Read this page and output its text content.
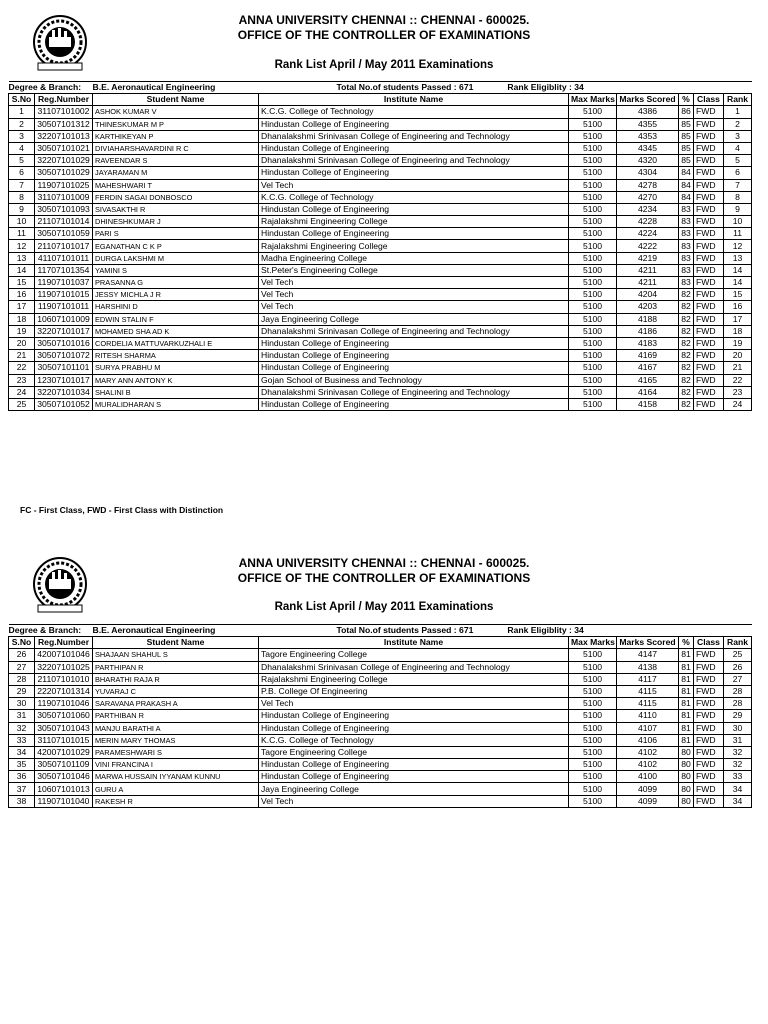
ANNA UNIVERSITY CHENNAI :: CHENNAI - 600025.
OFFICE OF THE CONTROLLER OF EXAMINATIONS
Rank List April / May 2011 Examinations
Degree & Branch:		B.E. Aeronautical Engineering	Total No.of students Passed : 671 Rank Eligiblity : 34					
S.No	Reg.Number	Student Name	Institute Name	Max Marks	Marks Scored	%	Class	Rank
1	31107101002	ASHOK KUMAR V	K.C.G. College of Technology	5100	4386	86	FWD	1
2	30507101312	THINESKUMAR M P	Hindustan College of Engineering	5100	4355	85	FWD	2
3	32207101013	KARTHIKEYAN P	Dhanalakshmi Srinivasan College of Engineering and Technology	5100	4353	85	FWD	3
4	30507101021	DIVIAHARSHAVARDINI R C	Hindustan College of Engineering	5100	4345	85	FWD	4
5	32207101029	RAVEENDAR S	Dhanalakshmi Srinivasan College of Engineering and Technology	5100	4320	85	FWD	5
6	30507101029	JAYARAMAN M	Hindustan College of Engineering	5100	4304	84	FWD	6
7	11907101025	MAHESHWARI T	Vel Tech	5100	4278	84	FWD	7
8	31107101009	FERDIN SAGAI DONBOSCO	K.C.G. College of Technology	5100	4270	84	FWD	8
9	30507101093	SIVASAKTHI R	Hindustan College of Engineering	5100	4234	83	FWD	9
10	21107101014	DHINESHKUMAR J	Rajalakshmi Engineering College	5100	4228	83	FWD	10
11	30507101059	PARI S	Hindustan College of Engineering	5100	4224	83	FWD	11
12	21107101017	EGANATHAN C K P	Rajalakshmi Engineering College	5100	4222	83	FWD	12
13	41107101011	DURGA LAKSHMI M	Madha Engineering College	5100	4219	83	FWD	13
14	11707101354	YAMINI S	St.Peter's Engineering College	5100	4211	83	FWD	14
15	11907101037	PRASANNA G	Vel Tech	5100	4211	83	FWD	14
16	11907101015	JESSY MICHLA J R	Vel Tech	5100	4204	82	FWD	15
17	11907101011	HARSHINI D	Vel Tech	5100	4203	82	FWD	16
18	10607101009	EDWIN STALIN F	Jaya Engineering College	5100	4188	82	FWD	17
19	32207101017	MOHAMED SHA AD K	Dhanalakshmi Srinivasan College of Engineering and Technology	5100	4186	82	FWD	18
20	30507101016	CORDELIA MATTUVARKUZHALI E	Hindustan College of Engineering	5100	4183	82	FWD	19
21	30507101072	RITESH SHARMA	Hindustan College of Engineering	5100	4169	82	FWD	20
22	30507101101	SURYA PRABHU M	Hindustan College of Engineering	5100	4167	82	FWD	21
23	12307101017	MARY ANN ANTONY K	Gojan School of Business and Technology	5100	4165	82	FWD	22
24	32207101034	SHALINI B	Dhanalakshmi Srinivasan College of Engineering and Technology	5100	4164	82	FWD	23
25	30507101052	MURALIDHARAN S	Hindustan College of Engineering	5100	4158	82	FWD	24
FC - First Class, FWD - First Class with Distinction
ANNA UNIVERSITY CHENNAI :: CHENNAI - 600025.
OFFICE OF THE CONTROLLER OF EXAMINATIONS
Rank List April / May 2011 Examinations
Degree & Branch:		B.E. Aeronautical Engineering	Total No.of students Passed : 671 Rank Eligiblity : 34					
S.No	Reg.Number	Student Name	Institute Name	Max Marks	Marks Scored	%	Class	Rank
26	42007101046	SHAJAAN SHAHUL S	Tagore Engineering College	5100	4147	81	FWD	25
27	32207101025	PARTHIPAN R	Dhanalakshmi Srinivasan College of Engineering and Technology	5100	4138	81	FWD	26
28	21107101010	BHARATHI RAJA R	Rajalakshmi Engineering College	5100	4117	81	FWD	27
29	22207101314	YUVARAJ C	P.B. College Of Engineering	5100	4115	81	FWD	28
30	11907101046	SARAVANA PRAKASH A	Vel Tech	5100	4115	81	FWD	28
31	30507101060	PARTHIBAN R	Hindustan College of Engineering	5100	4110	81	FWD	29
32	30507101043	MANJU BARATHI A	Hindustan College of Engineering	5100	4107	81	FWD	30
33	31107101015	MERIN MARY THOMAS	K.C.G. College of Technology	5100	4106	81	FWD	31
34	42007101029	PARAMESHWARI S	Tagore Engineering College	5100	4102	80	FWD	32
35	30507101109	VINI FRANCINA I	Hindustan College of Engineering	5100	4102	80	FWD	32
36	30507101046	MARWA HUSSAIN IYYANAM KUNNU	Hindustan College of Engineering	5100	4100	80	FWD	33
37	10607101013	GURU A	Jaya Engineering College	5100	4099	80	FWD	34
38	11907101040	RAKESH R	Vel Tech	5100	4099	80	FWD	34
